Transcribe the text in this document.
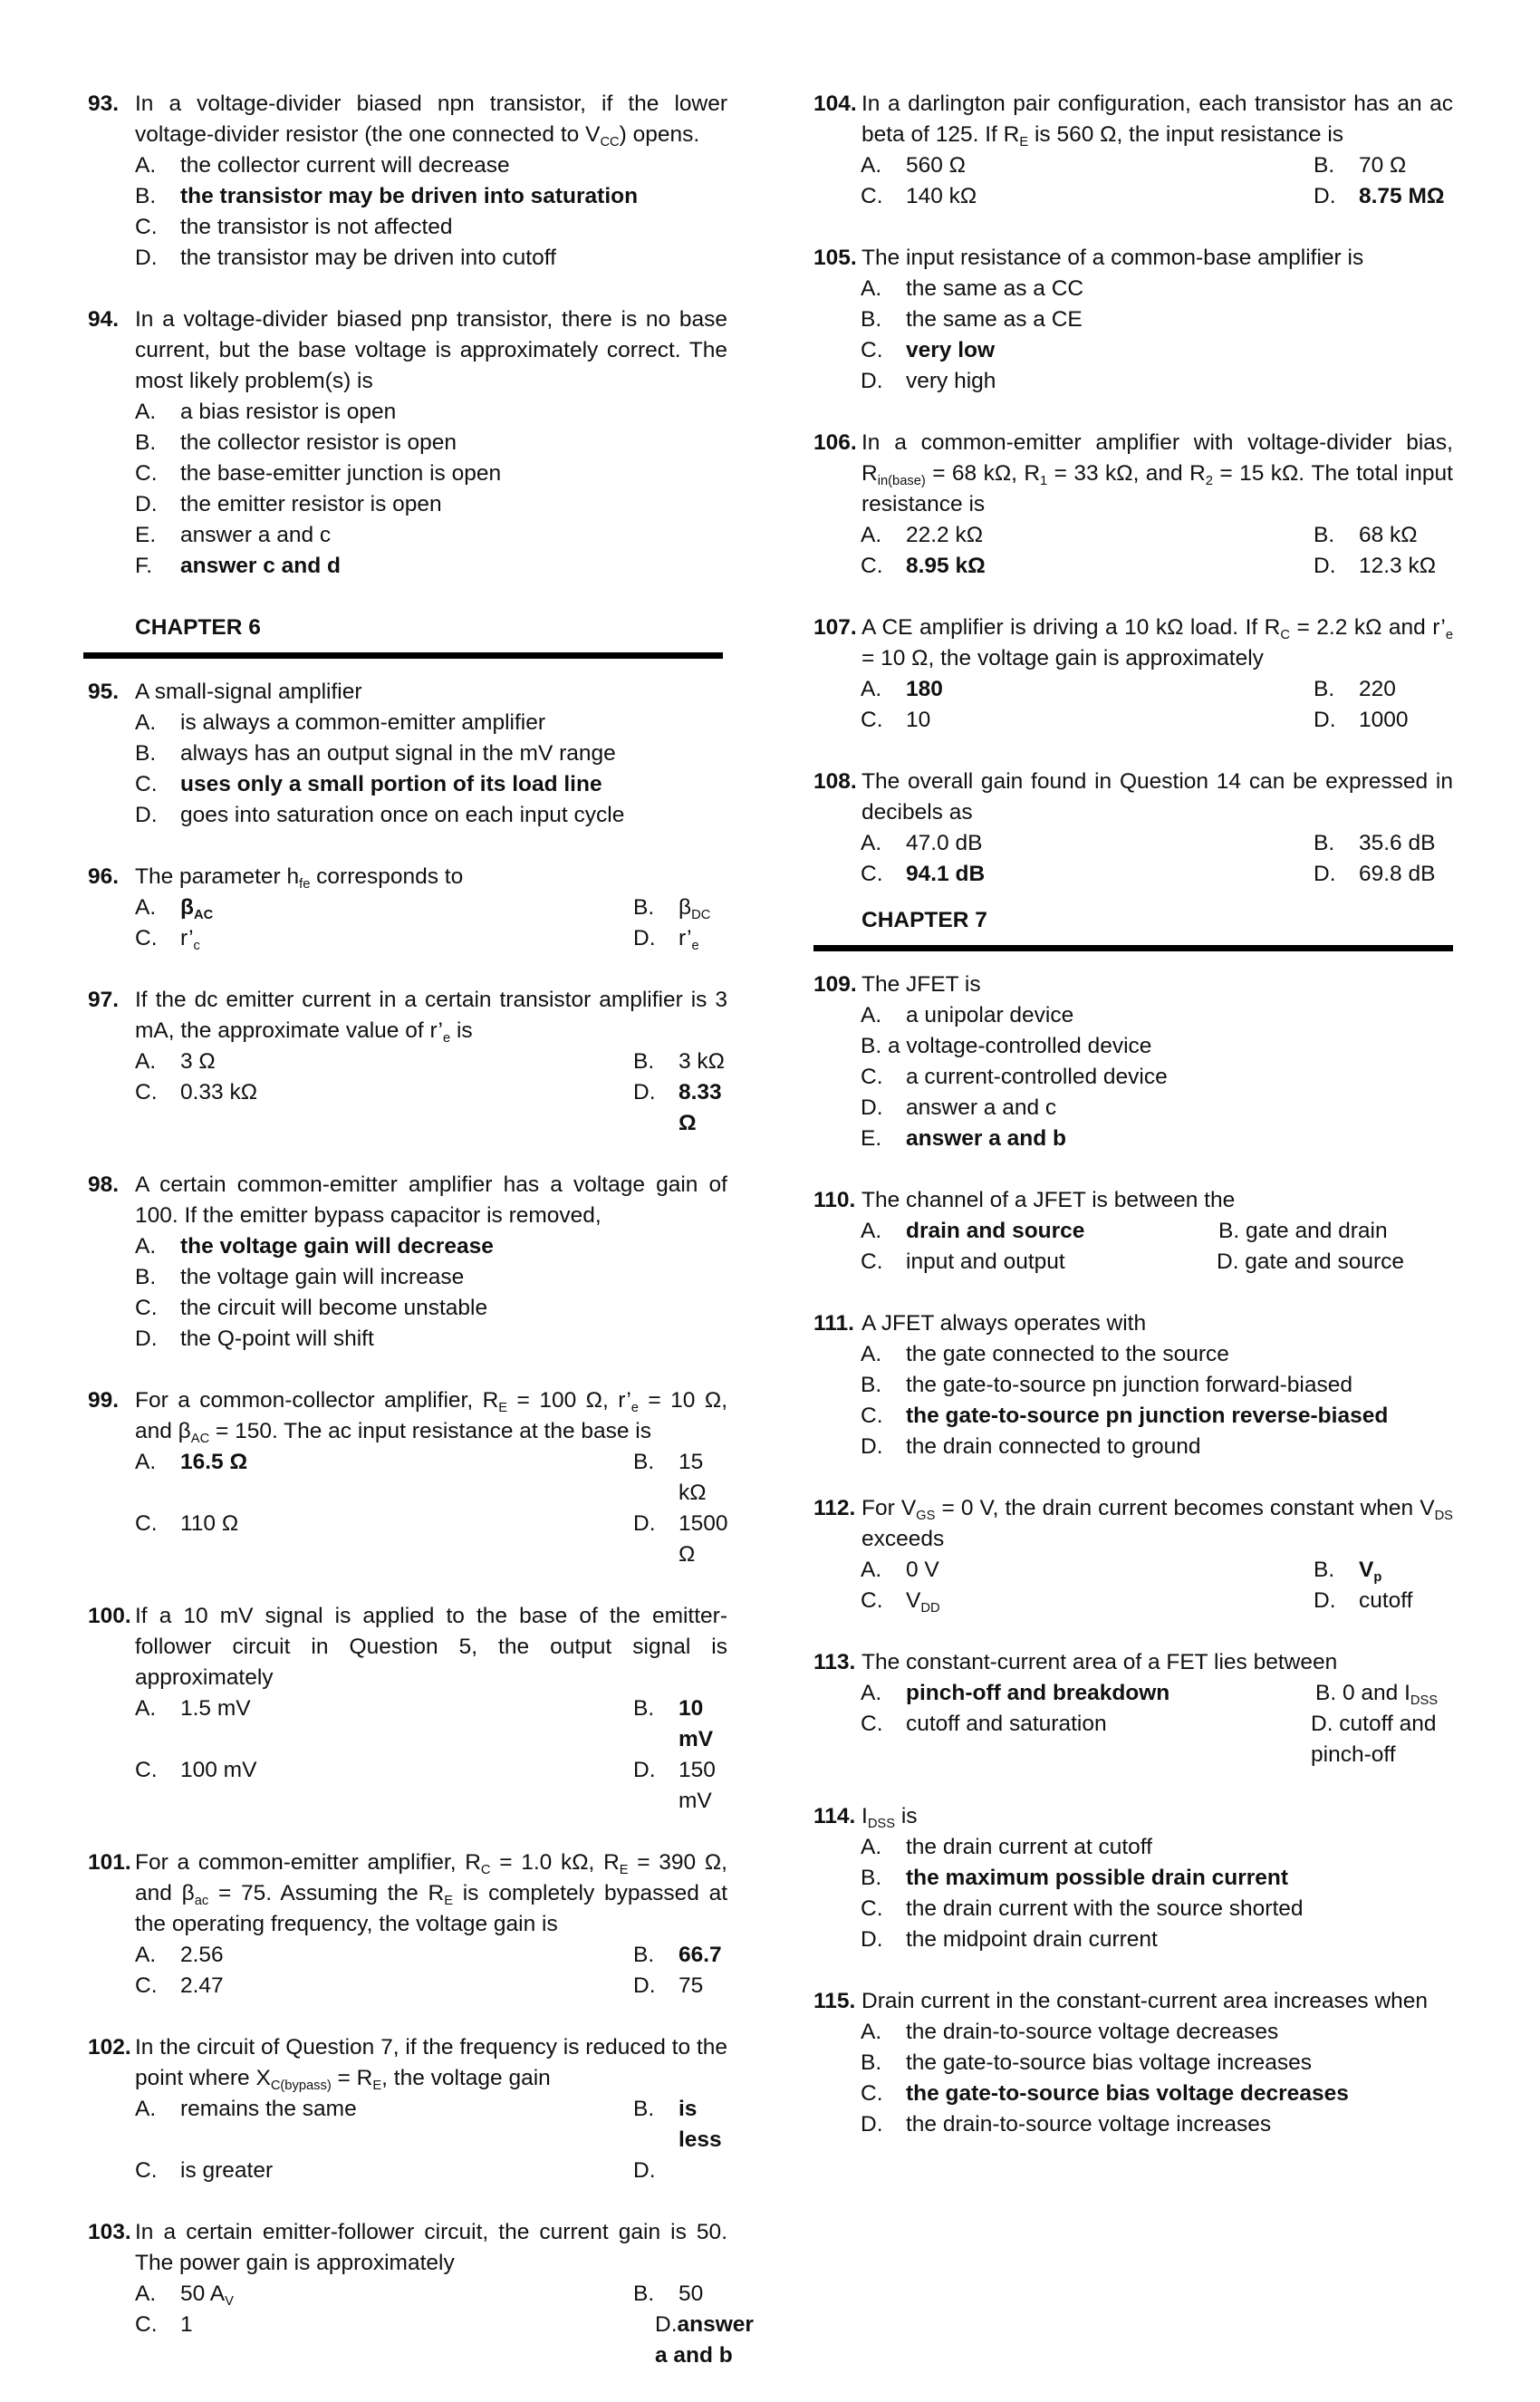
93. In a voltage-divider biased npn transistor, if the lower voltage-divider resistor (the one connected to $V_{CC}$) opens.
A. the collector current will decrease
B. the transistor may be driven into saturation
C. the transistor is not affected
D. the transistor may be driven into cutoff
94. In a voltage-divider biased pnp transistor, there is no base current, but the base voltage is approximately correct. The most likely problem(s) is
A. a bias resistor is open
B. the collector resistor is open
C. the base-emitter junction is open
D. the emitter resistor is open
E. answer a and c
F. answer c and d
CHAPTER 6
95. A small-signal amplifier
A. is always a common-emitter amplifier
B. always has an output signal in the mV range
C. uses only a small portion of its load line
D. goes into saturation once on each input cycle
96. The parameter $h_{fe}$ corresponds to
A. $\beta_{AC}$	B. $\beta_{DC}$
C. $r’_c$	D. $r’_e$
97. If the dc emitter current in a certain transistor amplifier is 3 mA, the approximate value of $r’_e$ is
A. 3 Ω	B. 3 kΩ
C. 0.33 kΩ	D. 8.33 Ω
98. A certain common-emitter amplifier has a voltage gain of 100. If the emitter bypass capacitor is removed,
A. the voltage gain will decrease
B. the voltage gain will increase
C. the circuit will become unstable
D. the Q-point will shift
99. For a common-collector amplifier, $R_E = 100$ Ω, $r’_e = 10$ Ω, and $\beta_{AC} = 150$. The ac input resistance at the base is
A. 16.5 Ω	B. 15 kΩ
C. 110 Ω	D. 1500 Ω
100. If a 10 mV signal is applied to the base of the emitter-follower circuit in Question 5, the output signal is approximately
A. 1.5 mV	B. 10 mV
C. 100 mV	D. 150 mV
101. For a common-emitter amplifier, $R_C = 1.0$ kΩ, $R_E = 390$ Ω, and $\beta_{ac} = 75$. Assuming the $R_E$ is completely bypassed at the operating frequency, the voltage gain is
A. 2.56	B. 66.7
C. 2.47	D. 75
102. In the circuit of Question 7, if the frequency is reduced to the point where $X_{C(bypass)} = R_E$, the voltage gain
A. remains the same	B. is less
C. is greater	D.
103. In a certain emitter-follower circuit, the current gain is 50. The power gain is approximately
A. 50 $A_V$	B. 50
C. 1	D.answer a and b
104. In a darlington pair configuration, each transistor has an ac beta of 125. If $R_E$ is 560 Ω, the input resistance is
A. 560 Ω	B. 70 Ω
C. 140 kΩ	D. 8.75 MΩ
105. The input resistance of a common-base amplifier is
A. the same as a CC
B. the same as a CE
C. very low
D. very high
106. In a common-emitter amplifier with voltage-divider bias, $R_{in(base)} = 68$ kΩ, $R_1 = 33$ kΩ, and $R_2 = 15$ kΩ. The total input resistance is
A. 22.2 kΩ	B. 68 kΩ
C. 8.95 kΩ	D. 12.3 kΩ
107. A CE amplifier is driving a 10 kΩ load. If $R_C = 2.2$ kΩ and $r’_e = 10$ Ω, the voltage gain is approximately
A. 180	B. 220
C. 10	D. 1000
108. The overall gain found in Question 14 can be expressed in decibels as
A. 47.0 dB	B. 35.6 dB
C. 94.1 dB	D. 69.8 dB
CHAPTER 7
109. The JFET is
A. a unipolar device
B. a voltage-controlled device
C. a current-controlled device
D. answer a and c
E. answer a and b
110. The channel of a JFET is between the
A. drain and source	B. gate and drain
C. input and output	D. gate and source
111. A JFET always operates with
A. the gate connected to the source
B. the gate-to-source pn junction forward-biased
C. the gate-to-source pn junction reverse-biased
D. the drain connected to ground
112. For $V_{GS} = 0$ V, the drain current becomes constant when $V_{DS}$ exceeds
A. 0 V	B. $V_p$
C. $V_{DD}$	D. cutoff
113. The constant-current area of a FET lies between
A. pinch-off and breakdown	B. 0 and $I_{DSS}$
C. cutoff and saturation	D. cutoff and pinch-off
114. $I_{DSS}$ is
A. the drain current at cutoff
B. the maximum possible drain current
C. the drain current with the source shorted
D. the midpoint drain current
115. Drain current in the constant-current area increases when
A. the drain-to-source voltage decreases
B. the gate-to-source bias voltage increases
C. the gate-to-source bias voltage decreases
D. the drain-to-source voltage increases
